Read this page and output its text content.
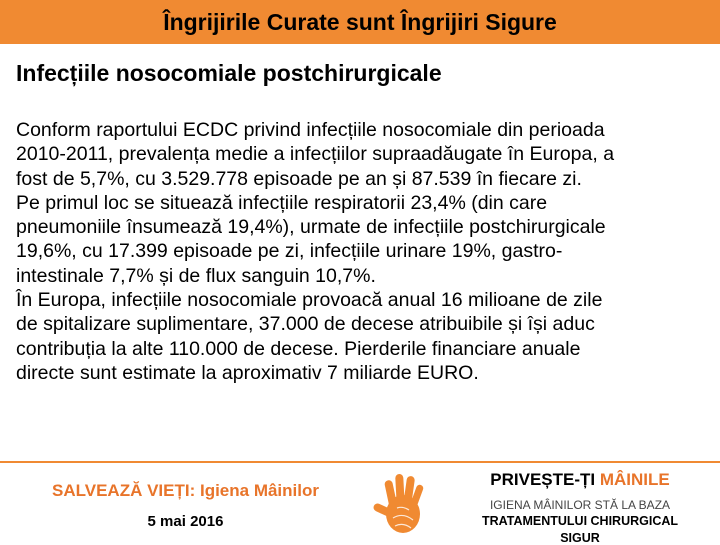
Îngrijirile Curate sunt Îngrijiri Sigure
Infecțiile nosocomiale postchirurgicale

Conform raportului ECDC privind infecțiile nosocomiale din perioada

2010-2011, prevalența medie a infecțiilor supraadăugate în Europa, a

fost de 5,7%, cu 3.529.778 episoade pe an și 87.539 în fiecare zi.

Pe primul loc se situează infecțiile respiratorii 23,4% (din care

pneumoniile însumează 19,4%), urmate de infecțiile postchirurgicale

19,6%, cu 17.399 episoade pe zi, infecțiile urinare 19%, gastro-

intestinale 7,7% și de flux sanguin 10,7%.

În Europa, infecțiile nosocomiale provoacă anual 16 milioane de zile

de spitalizare suplimentare, 37.000 de decese atribuibile și își aduc

contribuția la alte 110.000 de decese. Pierderile financiare anuale

directe sunt estimate la aproximativ 7 miliarde EURO.

SALVEAZĂ VIEȚI: Igiena Mâinilor
5 mai 2016
PRIVEȘTE-ȚI MÂINILE
IGIENA MÂINILOR STĂ LA BAZA
TRATAMENTULUI CHIRURGICAL
SIGUR
